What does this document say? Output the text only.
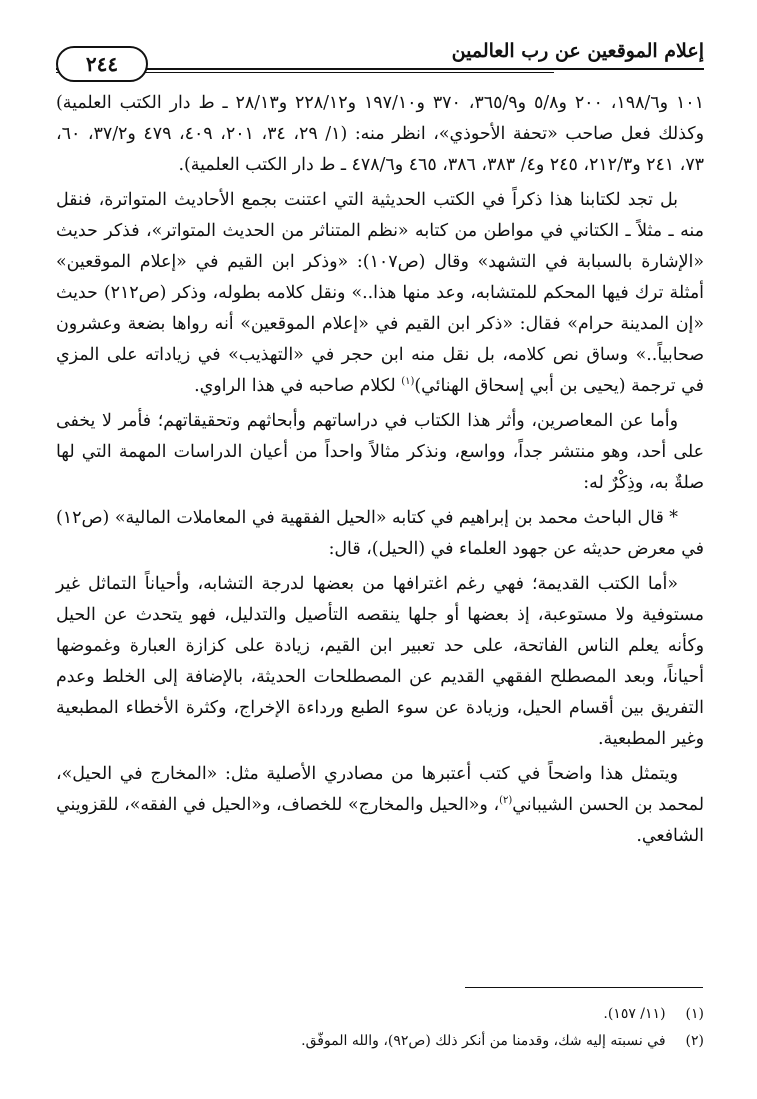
إعلام الموقعين عن رب العالمين
٢٤٤

١٠١ و١٩٨/٦، ٢٠٠ و٥/٨ و٣٦٥/٩، ٣٧٠ و١٩٧/١٠ و٢٢٨/١٢ و٢٨/١٣ ـ ط دار الكتب العلمية) وكذلك فعل صاحب «تحفة الأحوذي»، انظر منه: (١/ ٢٩، ٣٤، ٢٠١، ٤٠٩، ٤٧٩ و٣٧/٢، ٦٠، ٧٣، ٢٤١ و٢١٢/٣، ٢٤٥ و٤/ ٣٨٣، ٣٨٦، ٤٦٥ و٤٧٨/٦ ـ ط دار الكتب العلمية).

بل تجد لكتابنا هذا ذكراً في الكتب الحديثية التي اعتنت بجمع الأحاديث المتواترة، فنقل منه ـ مثلاً ـ الكتاني في مواطن من كتابه «نظم المتناثر من الحديث المتواتر»، فذكر حديث «الإشارة بالسبابة في التشهد» وقال (ص١٠٧): «وذكر ابن القيم في «إعلام الموقعين» أمثلة ترك فيها المحكم للمتشابه، وعد منها هذا..» ونقل كلامه بطوله، وذكر (ص٢١٢) حديث «إن المدينة حرام» فقال: «ذكر ابن القيم في «إعلام الموقعين» أنه رواها بضعة وعشرون صحابياً..» وساق نص كلامه، بل نقل منه ابن حجر في «التهذيب» في زياداته على المزي في ترجمة (يحيى بن أبي إسحاق الهنائي)$^{(١)}$ لكلام صاحبه في هذا الراوي.

وأما عن المعاصرين، وأثر هذا الكتاب في دراساتهم وأبحاثهم وتحقيقاتهم؛ فأمر لا يخفى على أحد، وهو منتشر جداً، وواسع، ونذكر مثالاً واحداً من أعيان الدراسات المهمة التي لها صلةٌ به، وذِكْرٌ له:

* قال الباحث محمد بن إبراهيم في كتابه «الحيل الفقهية في المعاملات المالية» (ص١٢) في معرض حديثه عن جهود العلماء في (الحيل)، قال:

«أما الكتب القديمة؛ فهي رغم اغترافها من بعضها لدرجة التشابه، وأحياناً التماثل غير مستوفية ولا مستوعبة، إذ بعضها أو جلها ينقصه التأصيل والتدليل، فهو يتحدث عن الحيل وكأنه يعلم الناس الفاتحة، على حد تعبير ابن القيم، زيادة على كزازة العبارة وغموضها أحياناً، وبعد المصطلح الفقهي القديم عن المصطلحات الحديثة، بالإضافة إلى الخلط وعدم التفريق بين أقسام الحيل، وزيادة عن سوء الطبع ورداءة الإخراج، وكثرة الأخطاء المطبعية وغير المطبعية.

ويتمثل هذا واضحاً في كتب أعتبرها من مصادري الأصلية مثل: «المخارج في الحيل»، لمحمد بن الحسن الشيباني$^{(٢)}$، و«الحيل والمخارج» للخصاف، و«الحيل في الفقه»، للقزويني الشافعي.

(١) (١١/ ١٥٧).

(٢) في نسبته إليه شك، وقدمنا من أنكر ذلك (ص٩٢)، والله الموفّق.
